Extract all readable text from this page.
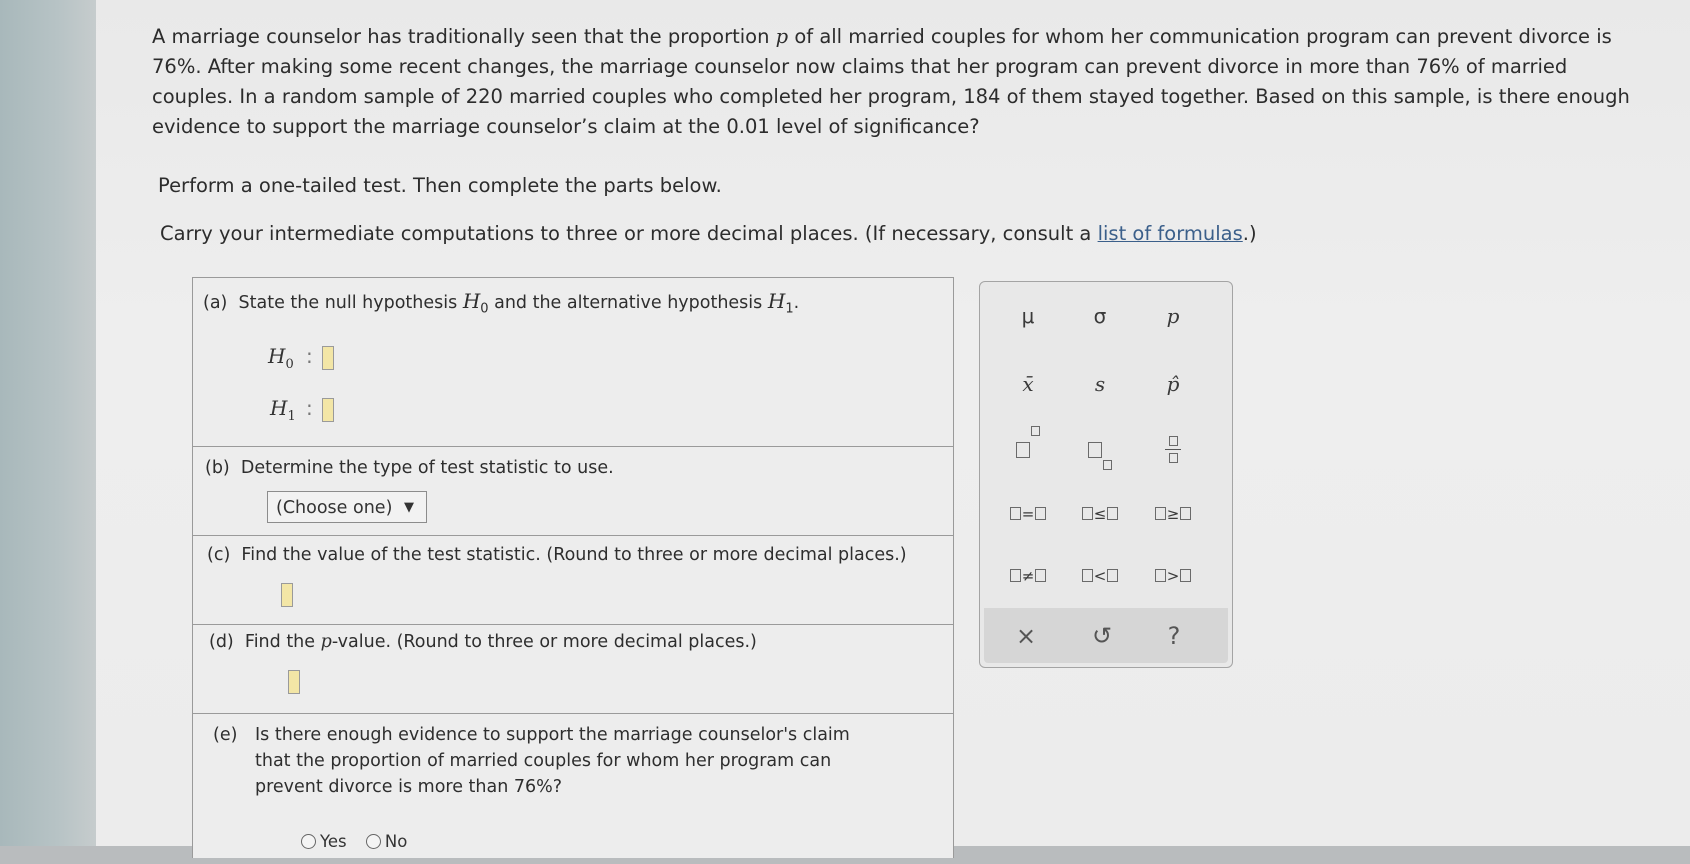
A marriage counselor has traditionally seen that the proportion p of all married couples for whom her communication program can prevent divorce is 76%. After making some recent changes, the marriage counselor now claims that her program can prevent divorce in more than 76% of married couples. In a random sample of 220 married couples who completed her program, 184 of them stayed together. Based on this sample, is there enough evidence to support the marriage counselor’s claim at the 0.01 level of significance?

Perform a one-tailed test. Then complete the parts below.

Carry your intermediate computations to three or more decimal places. (If necessary, consult a list of formulas.)

(a) State the null hypothesis $H_0$ and the alternative hypothesis $H_1$.
$H_0$ :
$H_1$ :
(b) Determine the type of test statistic to use.
(Choose one) ▼
(c) Find the value of the test statistic. (Round to three or more decimal places.)
(d) Find the p-value. (Round to three or more decimal places.)
(e) Is there enough evidence to support the marriage counselor's claim that the proportion of married couples for whom her program can prevent divorce is more than 76%?
Yes No
μ	σ	p
x̄	s	p̂
=	≤	≥
≠	<	>
×	↺	?
